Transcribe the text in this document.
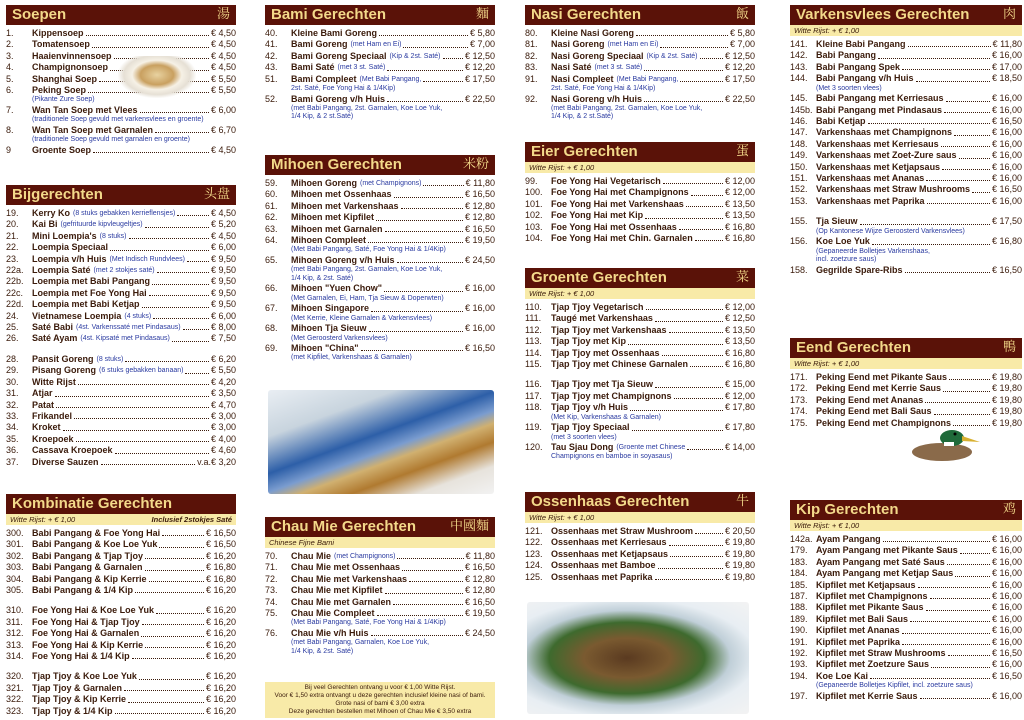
Soepen	湯
1.	Kippensoep	€ 4,50
2.	Tomatensoep	€ 4,50
3.	Haaienvinnensoep	€ 4,50
4.	Champignonsoep	€ 4,50
5.	Shanghai Soep	€ 5,50
6.	Peking Soep	€ 5,50
(Pikante Zure Soep)
7.	Wan Tan Soep met Vlees	€ 6,00
(traditionele Soep gevuld met varkensvlees en groente)
8.	Wan Tan Soep met Garnalen	€ 6,70
(traditionele Soep gevuld met garnalen en groente)
9	Groente Soep	€ 4,50
Bijgerechten	头盘
19.	Kerry Ko (8 stuks gebakken kerrieflensjes)	€ 4,50
20.	Kai Bi (gefrituurde kipvleugeltjes)	€ 5,20
21.	Mini Loempia's (8 stuks)	€ 4,50
22.	Loempia Speciaal	€ 6,00
23.	Loempia v/h Huis (Met Indisch Rundvlees)	€ 9,50
22a. Loempia Saté (met 2 stokjes saté)	€ 9,50
22b. Loempia met Babi Pangang	€ 9,50
22c. Loempia met Foe Yong Hai	€ 9,50
22d. Loempia met Babi Ketjap	€ 9,50
24.	Vietnamese Loempia (4 stuks)	€ 6,00
25.	Saté Babi (4st. Varkenssaté met Pindasaus)	€ 8,00
26.	Saté Ayam (4st. Kipsaté met Pindasaus)	€ 7,50
28.	Pansit Goreng (8 stuks)	€ 6,20
29.	Pisang Goreng (6 stuks gebakken banaan)	€ 5,50
30.	Witte Rijst	€ 4,20
31.	Atjar	€ 3,50
32.	Patat	€ 4,70
33.	Frikandel	€ 3,00
34.	Kroket	€ 3,00
35.	Kroepoek	€ 4,00
36.	Cassava Kroepoek	€ 4,60
37.	Diverse Sauzen	v.a.€ 3,20
Kombinatie Gerechten
Witte Rijst: + € 1,00	Inclusief 2stokjes Saté
300. Babi Pangang & Foe Yong Hai	€ 16,50
301. Babi Pangang & Koe Loe Yuk	€ 16,50
302. Babi Pangang & Tjap Tjoy	€ 16,20
303. Babi Pangang & Garnalen	€ 16,80
304. Babi Pangang & Kip Kerrie	€ 16,80
305. Babi Pangang & 1/4 Kip	€ 16,20
310. Foe Yong Hai & Koe Loe Yuk	€ 16,20
311.	Foe Yong Hai & Tjap Tjoy	€ 16,20
312. Foe Yong Hai & Garnalen	€ 16,20
313. Foe Yong Hai & Kip Kerrie	€ 16,20
314. Foe Yong Hai & 1/4 Kip	€ 16,20
320. Tjap Tjoy & Koe Loe Yuk	€ 16,20
321. Tjap Tjoy & Garnalen	€ 16,20
322. Tjap Tjoy & Kip Kerrie	€ 16,20
323. Tjap Tjoy & 1/4 Kip	€ 16,20
Bami Gerechten	麵
40.	Kleine Bami Goreng	€ 5,80
41.	Bami Goreng (met Ham en Ei)	€ 7,00
42.	Bami Goreng Speciaal (Kip & 2st. Saté)	€ 12,50
43.	Bami Saté (met 3 st. Saté)	€ 12,20
51.	Bami Compleet (Met Babi Pangang,	€ 17,50
2st. Saté, Foe Yong Hai & 1/4Kip)
52.	Bami Goreng v/h Huis	€ 22,50
(met Babi Pangang, 2st. Garnalen, Koe Loe Yuk,
1/4 Kip, & 2 st.Saté)
Mihoen Gerechten	米粉
59.	Mihoen Goreng (met Champignons)	€ 11,80
60.	Mihoen met Ossenhaas	€ 16,50
61.	Mihoen met Varkenshaas	€ 12,80
62.	Mihoen met Kipfilet	€ 12,80
63.	Mihoen met Garnalen	€ 16,50
64.	Mihoen Compleet	€ 19,50
(Met Babi Pangang, Saté, Foe Yong Hai & 1/4Kip)
65.	Mihoen Goreng v/h Huis	€ 24,50
(met Babi Pangang, 2st. Garnalen, Koe Loe Yuk,
1/4 Kip, & 2st. Saté)
66.	Mihoen "Yuen Chow"	€ 16,00
(Met Garnalen, Ei, Ham, Tja Sieuw & Doperwten)
67.	Mihoen Singapore	€ 16,00
(Met Kerrie, Kleine Garnalen & Varkensvlees)
68.	Mihoen Tja Sieuw	€ 16,00
(Met Geroosterd Varkensvlees)
69.	Mihoen "China"	€ 16,50
(met Kipfilet, Varkenshaas & Garnalen)
Chau Mie Gerechten	中國麵
Chinese Fijne Bami
70.	Chau Mie (met Champignons)	€ 11,80
71.	Chau Mie met Ossenhaas	€ 16,50
72.	Chau Mie met Varkenshaas	€ 12,80
73.	Chau Mie met Kipfilet	€ 12,80
74.	Chau Mie met Garnalen	€ 16,50
75.	Chau Mie Compleet	€ 19,50
(Met Babi Pangang, Saté, Foe Yong Hai & 1/4Kip)
76.	Chau Mie v/h Huis	€ 24,50
(met Babi Pangang, Garnalen, Koe Loe Yuk,
1/4 Kip, & 2st. Saté)
Bij veel Gerechten ontvang u voor € 1,00 Witte Rijst.
Voor € 1,50 extra ontvangt u deze gerechten inclusief kleine nasi of bami.
Grote nasi of bami € 3,00 extra
Deze gerechten bestellen met Mihoen of Chau Mie € 3,50 extra
Nasi Gerechten	飯
80.	Kleine Nasi Goreng	€ 5,80
81.	Nasi Goreng (met Ham en Ei)	€ 7,00
82.	Nasi Goreng Speciaal (Kip & 2st. Saté)	€ 12,50
83.	Nasi Saté (met 3 st. Saté)	€ 12,20
91.	Nasi Compleet (Met Babi Pangang,	€ 17,50
2st. Saté, Foe Yong Hai & 1/4Kip)
92.	Nasi Goreng v/h Huis	€ 22,50
(met Babi Pangang, 2st. Garnalen, Koe Loe Yuk,
1/4 Kip, & 2 st.Saté)
Eier Gerechten	蛋
Witte Rijst: + € 1,00
99.	Foe Yong Hai Vegetarisch	€ 12,00
100. Foe Yong Hai met Champignons	€ 12,00
101. Foe Yong Hai met Varkenshaas	€ 13,50
102. Foe Yong Hai met Kip	€ 13,50
103. Foe Yong Hai met Ossenhaas	€ 16,80
104. Foe Yong Hai met Chin. Garnalen	€ 16,80
Groente Gerechten	菜
Witte Rijst: + € 1,00
110.	Tjap Tjoy Vegetarisch	€ 12,00
111.	Taugé met Varkenshaas	€ 12,50
112.	Tjap Tjoy met Varkenshaas	€ 13,50
113.	Tjap Tjoy met Kip	€ 13,50
114.	Tjap Tjoy met Ossenhaas	€ 16,80
115.	Tjap Tjoy met Chinese Garnalen	€ 16,80
116.	Tjap Tjoy met Tja Sieuw	€ 15,00
117.	Tjap Tjoy met Champignons	€ 12,00
118.	Tjap Tjoy v/h Huis	€ 17,80
(Met Kip, Varkenshaas & Garnalen)
119.	Tjap Tjoy Speciaal	€ 17,80
(met 3 soorten vlees)
120. Tau Sjau Dong (Groente met Chinese	€ 14,00
Champignons en bamboe in soyasaus)
Ossenhaas Gerechten	牛
Witte Rijst: + € 1,00
121. Ossenhaas met Straw Mushroom	€ 20,50
122. Ossenhaas met Kerriesaus	€ 19,80
123. Ossenhaas met Ketjapsaus	€ 19,80
124. Ossenhaas met Bamboe	€ 19,80
125. Ossenhaas met Paprika	€ 19,80
Varkensvlees Gerechten	肉
Witte Rijst: + € 1,00
141. Kleine Babi Pangang	€ 11,80
142. Babi Pangang	€ 16,00
143. Babi Pangang Spek	€ 17,00
144. Babi Pangang v/h Huis	€ 18,50
(Met 3 soorten vlees)
145. Babi Pangang met Kerriesaus	€ 16,00
145b. Babi Pangang met Pindasaus	€ 16,00
146. Babi Ketjap	€ 16,50
147. Varkenshaas met Champignons	€ 16,00
148. Varkenshaas met Kerriesaus	€ 16,00
149. Varkenshaas met Zoet-Zure saus	€ 16,00
150. Varkenshaas met Ketjapsaus	€ 16,00
151. Varkenshaas met Ananas	€ 16,00
152. Varkenshaas met Straw Mushrooms € 16,50
153. Varkenshaas met Paprika	€ 16,00
155. Tja Sieuw	€ 17,50
(Op Kantonese Wijze Geroosterd Varkensvlees)
156. Koe Loe Yuk	€ 16,80
(Gepaneerde Bolletjes Varkenshaas,
incl. zoetzure saus)
158. Gegrilde Spare-Ribs	€ 16,50
Eend Gerechten	鴨
Witte Rijst: + € 1,00
171. Peking Eend met Pikante Saus	€ 19,80
172. Peking Eend met Kerrie Saus	€ 19,80
173. Peking Eend met Ananas	€ 19,80
174. Peking Eend met Bali Saus	€ 19,80
175. Peking Eend met Champignons	€ 19,80
Kip Gerechten	鸡
Witte Rijst: + € 1,00
142a. Ayam Pangang	€ 16,00
179. Ayam Pangang met Pikante Saus	€ 16,00
183. Ayam Pangang met Saté Saus	€ 16,00
184. Ayam Pangang met Ketjap Saus	€ 16,00
185. Kipfilet met Ketjapsaus	€ 16,00
187. Kipfilet met Champignons	€ 16,00
188. Kipfilet met Pikante Saus	€ 16,00
189. Kipfilet met Bali Saus	€ 16,00
190. Kipfilet met Ananas	€ 16,00
191. Kipfilet met Paprika	€ 16,00
192. Kipfilet met Straw Mushrooms	€ 16,50
193. Kipfilet met Zoetzure Saus	€ 16,00
194. Koe Loe Kai	€ 16,50
(Gepaneerde Bolletjes Kipfilet, incl. zoetzure saus)
197. Kipfilet met Kerrie Saus	€ 16,00
